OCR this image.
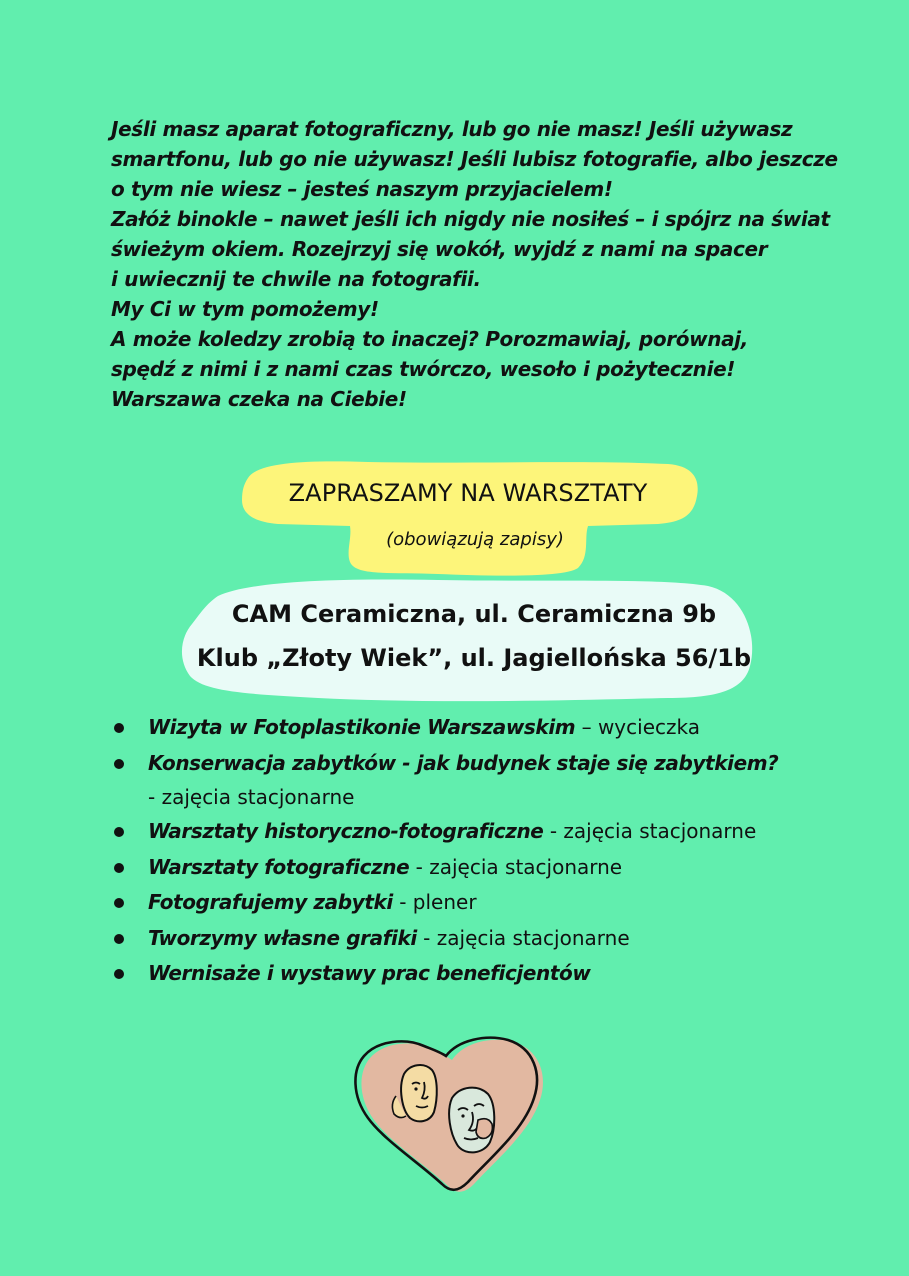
Jeśli masz aparat fotograficzny, lub go nie masz! Jeśli używasz

smartfonu, lub go nie używasz! Jeśli lubisz fotografie, albo jeszcze

o tym nie wiesz – jesteś naszym przyjacielem!

Załóż binokle – nawet jeśli ich nigdy nie nosiłeś – i spójrz na świat

świeżym okiem. Rozejrzyj się wokół, wyjdź z nami na spacer

i uwiecznij te chwile na fotografii.

My Ci w tym pomożemy!

A może koledzy zrobią to inaczej? Porozmawiaj, porównaj,

spędź z nimi i z nami czas twórczo, wesoło i pożytecznie!

Warszawa czeka na Ciebie!

ZAPRASZAMY NA WARSZTATY

(obowiązują zapisy)

CAM Ceramiczna, ul. Ceramiczna 9b

Klub „Złoty Wiek”, ul. Jagiellońska 56/1b

Wizyta w Fotoplastikonie Warszawskim – wycieczka
Konserwacja zabytków - jak budynek staje się zabytkiem?
- zajęcia stacjonarne
Warsztaty historyczno-fotograficzne - zajęcia stacjonarne
Warsztaty fotograficzne - zajęcia stacjonarne
Fotografujemy zabytki - plener
Tworzymy własne grafiki - zajęcia stacjonarne
Wernisaże i wystawy prac beneficjentów
